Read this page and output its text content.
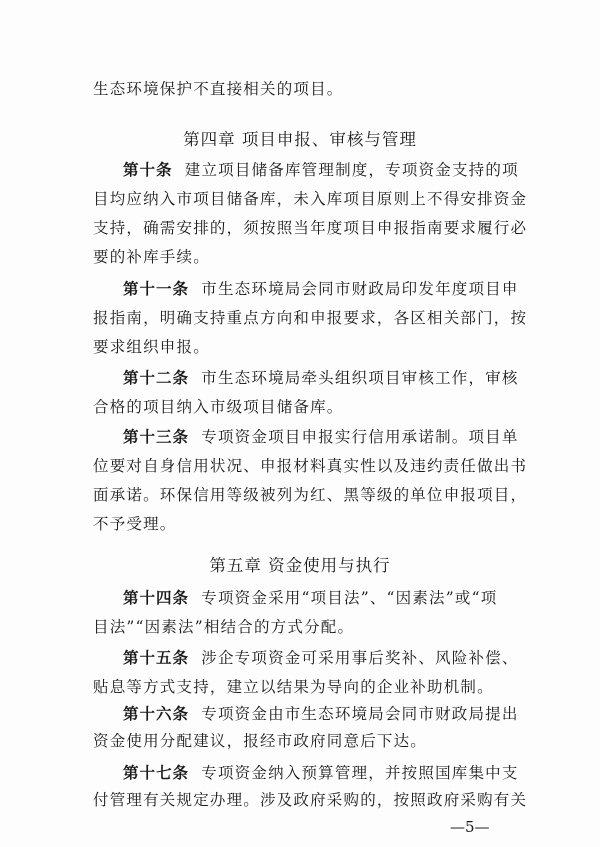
生态环境保护不直接相关的项目。
第四章 项目申报、审核与管理
第十条 建立项目储备库管理制度，专项资金支持的项
目均应纳入市项目储备库，未入库项目原则上不得安排资金
支持，确需安排的，须按照当年度项目申报指南要求履行必
要的补库手续。
第十一条 市生态环境局会同市财政局印发年度项目申
报指南，明确支持重点方向和申报要求，各区相关部门，按
要求组织申报。
第十二条 市生态环境局牵头组织项目审核工作，审核
合格的项目纳入市级项目储备库。
第十三条 专项资金项目申报实行信用承诺制。项目单
位要对自身信用状况、申报材料真实性以及违约责任做出书
面承诺。环保信用等级被列为红、黑等级的单位申报项目，
不予受理。
第五章 资金使用与执行
第十四条 专项资金采用“项目法”、“因素法”或“项
目法”“因素法”相结合的方式分配。
第十五条 涉企专项资金可采用事后奖补、风险补偿、
贴息等方式支持，建立以结果为导向的企业补助机制。
第十六条 专项资金由市生态环境局会同市财政局提出
资金使用分配建议，报经市政府同意后下达。
—5—
第十七条 专项资金纳入预算管理，并按照国库集中支
付管理有关规定办理。涉及政府采购的，按照政府采购有关
